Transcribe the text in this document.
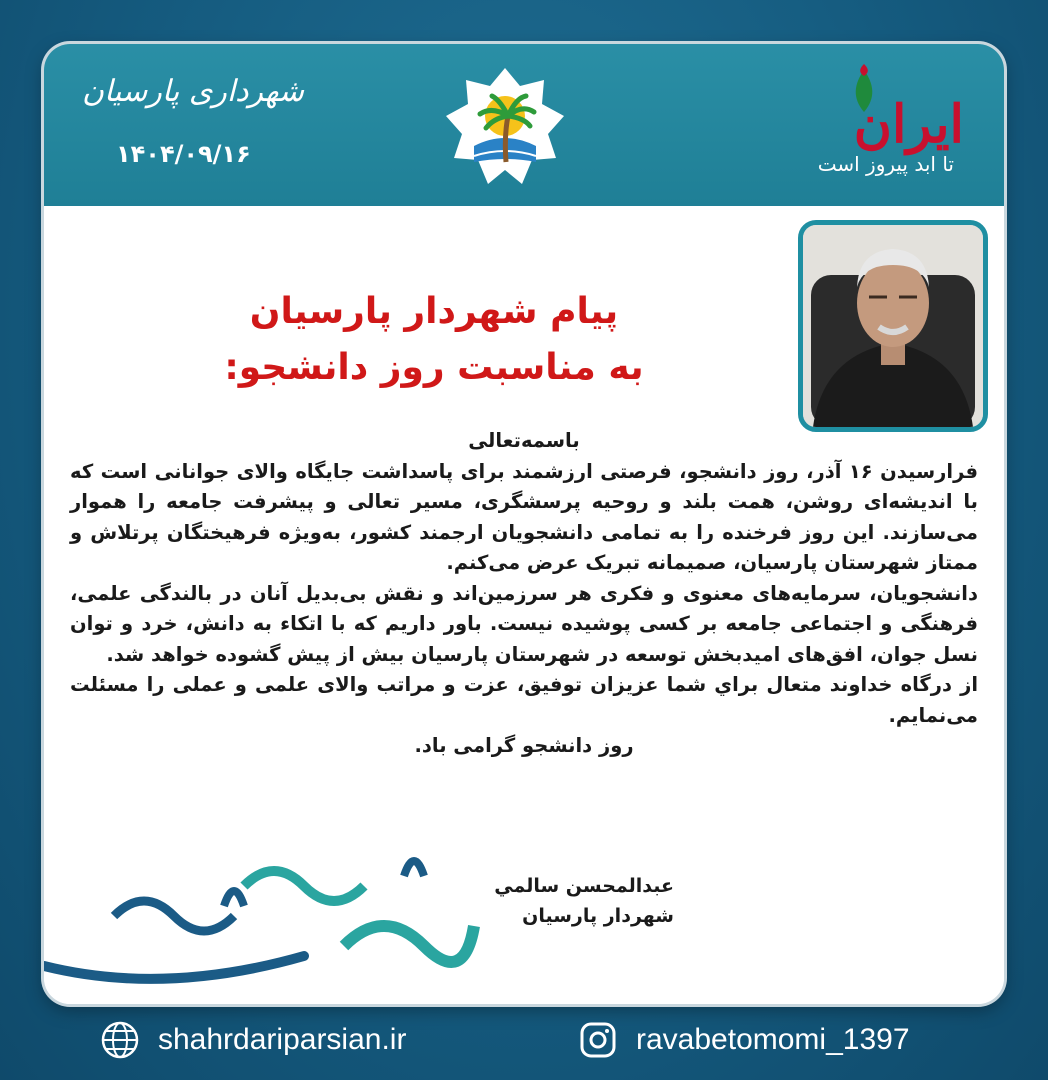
شهرداری پارسیان
۱۴۰۴/۰۹/۱۶	ایران
تا ابد پیروز است
پیام شهردار پارسیان
به مناسبت روز دانشجو:
باسمه‌تعالی
فرارسیدن ۱۶ آذر، روز دانشجو، فرصتی ارزشمند برای پاسداشت جایگاه والای جوانانی است که با اندیشه‌ای روشن، همت بلند و روحیه پرسشگری، مسیر تعالی و پیشرفت جامعه را هموار می‌سازند. این روز فرخنده را به تمامی دانشجویان ارجمند کشور، به‌ویژه فرهیختگان پرتلاش و ممتاز شهرستان پارسیان، صمیمانه تبریک عرض می‌کنم.
دانشجویان، سرمایه‌های معنوی و فکری هر سرزمین‌اند و نقش بی‌بدیل آنان در بالندگی علمی، فرهنگی و اجتماعی جامعه بر کسی پوشیده نیست. باور داریم که با اتکاء به دانش، خرد و توان نسل جوان، افق‌های امیدبخش توسعه در شهرستان پارسیان بیش از پیش گشوده خواهد شد.
از درگاه خداوند متعال براي شما عزیزان توفیق، عزت و مراتب والای علمی و عملی را مسئلت می‌نمایم.
روز دانشجو گرامی باد.
عبدالمحسن سالمي
شهردار پارسیان
shahrdariparsian.ir	ravabetomomi_1397
